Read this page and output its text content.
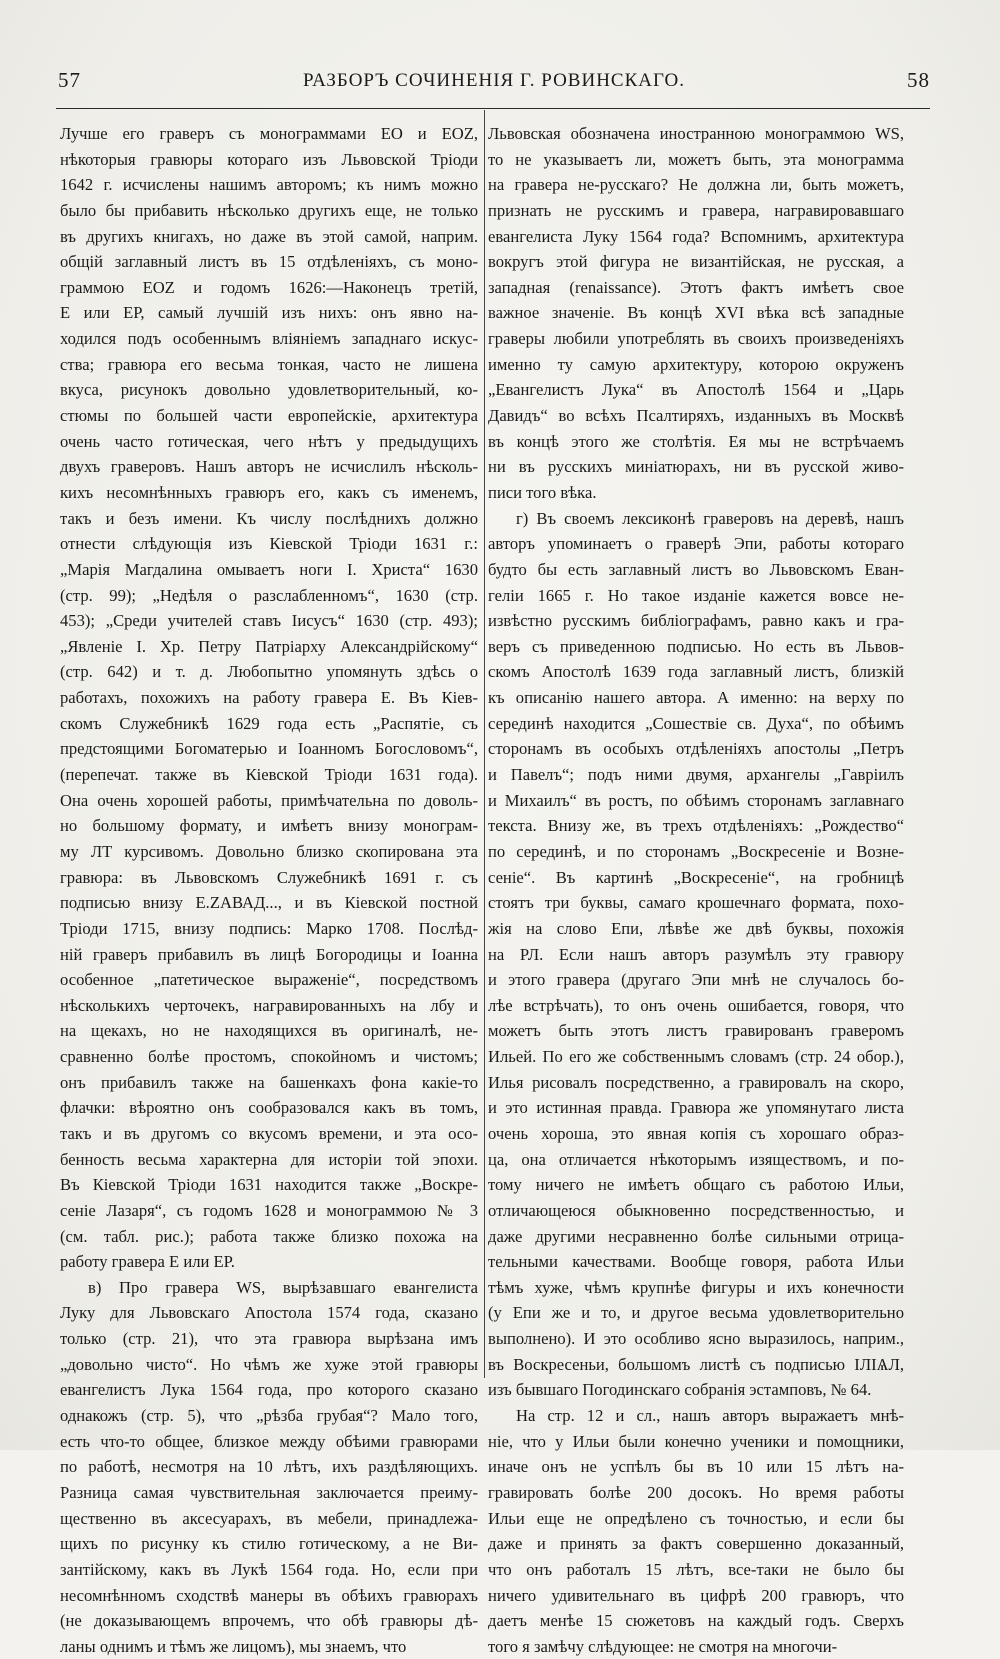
57	РАЗБОРЪ СОЧИНЕНІЯ Г. РОВИНСКАГО.	58
Лучше его граверъ съ монограммами ЕО и ЕОZ,
нѣкоторыя гравюры котораго изъ Львовской Тріоди
1642 г. исчислены нашимъ авторомъ; къ нимъ можно
было бы прибавить нѣсколько другихъ еще, не только
въ другихъ книгахъ, но даже въ этой самой, наприм.
общій заглавный листъ въ 15 отдѣленіяхъ, съ моно-
граммою ЕОZ и годомъ 1626:—Наконецъ третій,
Е или ЕР, самый лучшій изъ нихъ: онъ явно на-
ходился подъ особеннымъ вліяніемъ западнаго искус-
ства; гравюра его весьма тонкая, часто не лишена
вкуса, рисунокъ довольно удовлетворительный, ко-
стюмы по большей части европейскіе, архитектура
очень часто готическая, чего нѣтъ у предыдущихъ
двухъ граверовъ. Нашъ авторъ не исчислилъ нѣсколь-
кихъ несомнѣнныхъ гравюръ его, какъ съ именемъ,
такъ и безъ имени. Къ числу послѣднихъ должно
отнести слѣдующія изъ Кіевской Тріоди 1631 г.:
„Марія Магдалина омываетъ ноги І. Христа“ 1630
(стр. 99); „Недѣля о разслабленномъ“, 1630 (стр.
453); „Среди учителей ставъ Іисусъ“ 1630 (стр. 493);
„Явленіе І. Хр. Петру Патріарху Александрійскому“
(стр. 642) и т. д. Любопытно упомянуть здѣсь о
работахъ, похожихъ на работу гравера Е. Въ Кіев-
скомъ Служебникѣ 1629 года есть „Распятіе, съ
предстоящими Богоматерью и Іоанномъ Богословомъ“,
(перепечат. также въ Кіевской Тріоди 1631 года).
Она очень хорошей работы, примѣчательна по доволь-
но большому формату, и имѣетъ внизу монограм-
му ЛТ курсивомъ. Довольно близко скопирована эта
гравюра: въ Львовскомъ Служебникѣ 1691 г. съ
подписью внизу Е.ZАВАД..., и въ Кіевской постной
Тріоди 1715, внизу подпись: Марко 1708. Послѣд-
ній граверъ прибавилъ въ лицѣ Богородицы и Іоанна
особенное „патетическое выраженіе“, посредствомъ
нѣсколькихъ черточекъ, награвированныхъ на лбу и
на щекахъ, но не находящихся въ оригиналѣ, не-
сравненно болѣе простомъ, спокойномъ и чистомъ;
онъ прибавилъ также на башенкахъ фона какіе-то
флачки: вѣроятно онъ сообразовался какъ въ томъ,
такъ и въ другомъ со вкусомъ времени, и эта осо-
бенность весьма характерна для исторіи той эпохи.
Въ Кіевской Тріоди 1631 находится также „Воскре-
сеніе Лазаря“, съ годомъ 1628 и монограммою № 3
(см. табл. рис.); работа также близко похожа на
работу гравера Е или ЕР.
в) Про гравера WS, вырѣзавшаго евангелиста
Луку для Львовскаго Апостола 1574 года, сказано
только (стр. 21), что эта гравюра вырѣзана имъ
„довольно чисто“. Но чѣмъ же хуже этой гравюры
евангелистъ Лука 1564 года, про которого сказано
однакожъ (стр. 5), что „рѣзба грубая“? Мало того,
есть что-то общее, близкое между обѣими гравюрами
по работѣ, несмотря на 10 лѣтъ, ихъ раздѣляющихъ.
Разница самая чувствительная заключается преиму-
щественно въ аксесуарахъ, въ мебели, принадлежа-
щихъ по рисунку къ стилю готическому, а не Ви-
зантійскому, какъ въ Лукѣ 1564 года. Но, если при
несомнѣнномъ сходствѣ манеры въ обѣихъ гравюрахъ
(не доказывающемъ впрочемъ, что обѣ гравюры дѣ-
ланы однимъ и тѣмъ же лицомъ), мы знаемъ, что
Львовская обозначена иностранною монограммою WS,
то не указываетъ ли, можетъ быть, эта монограмма
на гравера не-русскаго? Не должна ли, быть можетъ,
признать не русскимъ и гравера, награвировавшаго
евангелиста Луку 1564 года? Вспомнимъ, архитектура
вокругъ этой фигура не византійская, не русская, а
западная (renaissance). Этотъ фактъ имѣетъ свое
важное значеніе. Въ концѣ XVI вѣка всѣ западные
граверы любили употреблять въ своихъ произведеніяхъ
именно ту самую архитектуру, которою окруженъ
„Евангелистъ Лука“ въ Апостолѣ 1564 и „Царь
Давидъ“ во всѣхъ Псалтиряхъ, изданныхъ въ Москвѣ
въ концѣ этого же столѣтія. Ея мы не встрѣчаемъ
ни въ русскихъ миніатюрахъ, ни въ русской живо-
писи того вѣка.
г) Въ своемъ лексиконѣ граверовъ на деревѣ, нашъ
авторъ упоминаетъ о граверѣ Эпи, работы котораго
будто бы есть заглавный листъ во Львовскомъ Еван-
геліи 1665 г. Но такое изданіе кажется вовсе не-
извѣстно русскимъ библіографамъ, равно какъ и гра-
веръ съ приведенною подписью. Но есть въ Львов-
скомъ Апостолѣ 1639 года заглавный листъ, близкій
къ описанію нашего автора. А именно: на верху по
серединѣ находится „Сошествіе св. Духа“, по обѣимъ
сторонамъ въ особыхъ отдѣленіяхъ апостолы „Петръ
и Павелъ“; подъ ними двумя, архангелы „Гавріилъ
и Михаилъ“ въ ростъ, по обѣимъ сторонамъ заглавнаго
текста. Внизу же, въ трехъ отдѣленіяхъ: „Рождество“
по серединѣ, и по сторонамъ „Воскресеніе и Возне-
сеніе“. Въ картинѣ „Воскресеніе“, на гробницѣ
стоятъ три буквы, самаго крошечнаго формата, похо-
жія на слово Епи, лѣвѣе же двѣ буквы, похожія
на РЛ. Если нашъ авторъ разумѣлъ эту гравюру
и этого гравера (другаго Эпи мнѣ не случалось бо-
лѣе встрѣчать), то онъ очень ошибается, говоря, что
можетъ быть этотъ листъ гравированъ граверомъ
Ильей. По его же собственнымъ словамъ (стр. 24 обор.),
Илья рисовалъ посредственно, а гравировалъ на скоро,
и это истинная правда. Гравюра же упомянутаго листа
очень хороша, это явная копія съ хорошаго образ-
ца, она отличается нѣкоторымъ изяществомъ, и по-
тому ничего не имѣетъ общаго съ работою Ильи,
отличающеюся обыкновенно посредственностью, и
даже другими несравненно болѣе сильными отрица-
тельными качествами. Вообще говоря, работа Ильи
тѣмъ хуже, чѣмъ крупнѣе фигуры и ихъ конечности
(у Епи же и то, и другое весьма удовлетворительно
выполнено). И это особливо ясно выразилось, наприм.,
въ Воскресеньи, большомъ листѣ съ подписью ІЛІѦЛ,
изъ бывшаго Погодинскаго собранія эстамповъ, № 64.
На стр. 12 и сл., нашъ авторъ выражаетъ мнѣ-
ніе, что у Ильи были конечно ученики и помощники,
иначе онъ не успѣлъ бы въ 10 или 15 лѣтъ на-
гравировать болѣе 200 досокъ. Но время работы
Ильи еще не опредѣлено съ точностью, и если бы
даже и принять за фактъ совершенно доказанный,
что онъ работалъ 15 лѣтъ, все-таки не было бы
ничего удивительнаго въ цифрѣ 200 гравюръ, что
даетъ менѣе 15 сюжетовъ на каждый годъ. Сверхъ
того я замѣчу слѣдующее: не смотря на многочи-
